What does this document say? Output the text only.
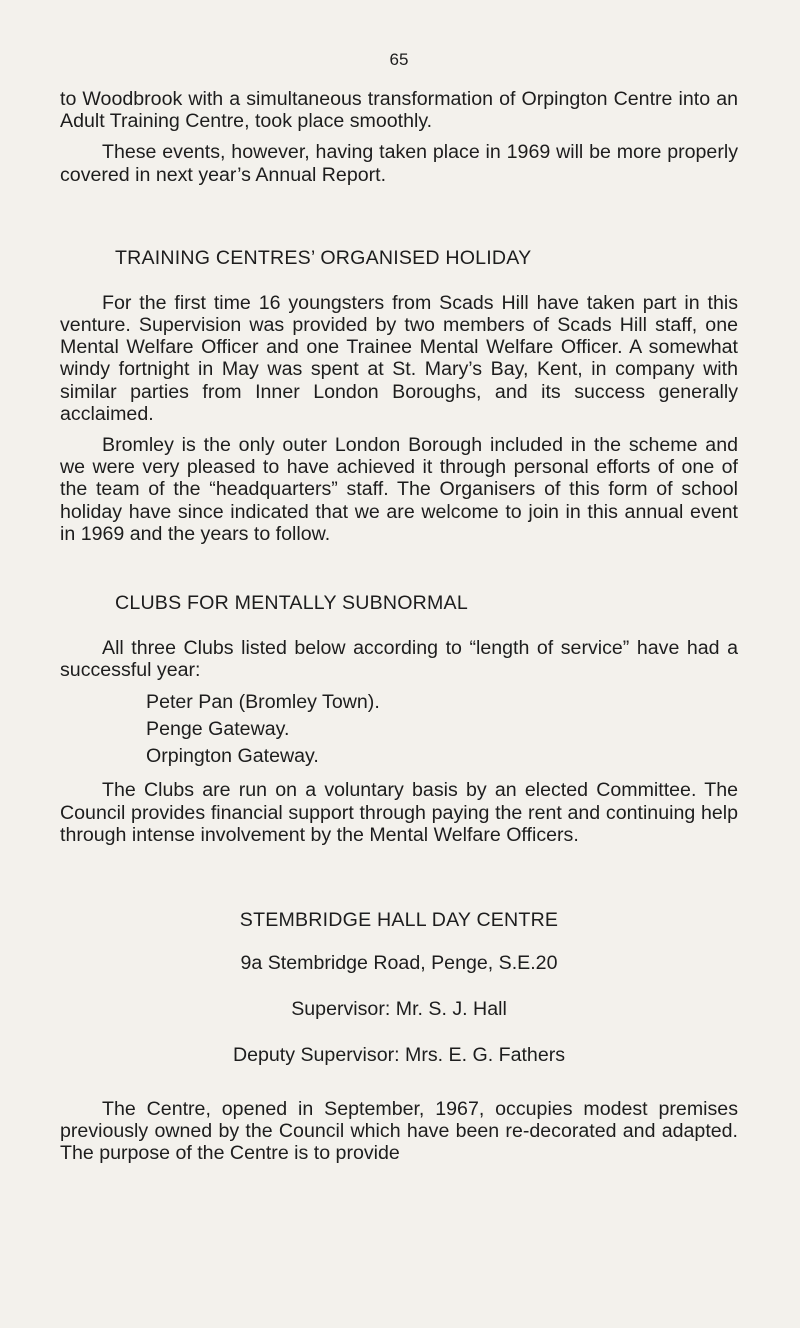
65

to Woodbrook with a simultaneous transformation of Orpington Centre into an Adult Training Centre, took place smoothly.

These events, however, having taken place in 1969 will be more properly covered in next year’s Annual Report.

TRAINING CENTRES’ ORGANISED HOLIDAY

For the first time 16 youngsters from Scads Hill have taken part in this venture. Supervision was provided by two members of Scads Hill staff, one Mental Welfare Officer and one Trainee Mental Welfare Officer. A somewhat windy fortnight in May was spent at St. Mary’s Bay, Kent, in company with similar parties from Inner London Boroughs, and its success generally acclaimed.

Bromley is the only outer London Borough included in the scheme and we were very pleased to have achieved it through personal efforts of one of the team of the “headquarters” staff. The Organisers of this form of school holiday have since indicated that we are welcome to join in this annual event in 1969 and the years to follow.

CLUBS FOR MENTALLY SUBNORMAL

All three Clubs listed below according to “length of service” have had a successful year:

Peter Pan (Bromley Town).
Penge Gateway.
Orpington Gateway.

The Clubs are run on a voluntary basis by an elected Committee. The Council provides financial support through paying the rent and continuing help through intense involvement by the Mental Welfare Officers.

STEMBRIDGE HALL DAY CENTRE
9a Stembridge Road, Penge, S.E.20
Supervisor: Mr. S. J. Hall
Deputy Supervisor: Mrs. E. G. Fathers

The Centre, opened in September, 1967, occupies modest premises previously owned by the Council which have been re-decorated and adapted. The purpose of the Centre is to provide
